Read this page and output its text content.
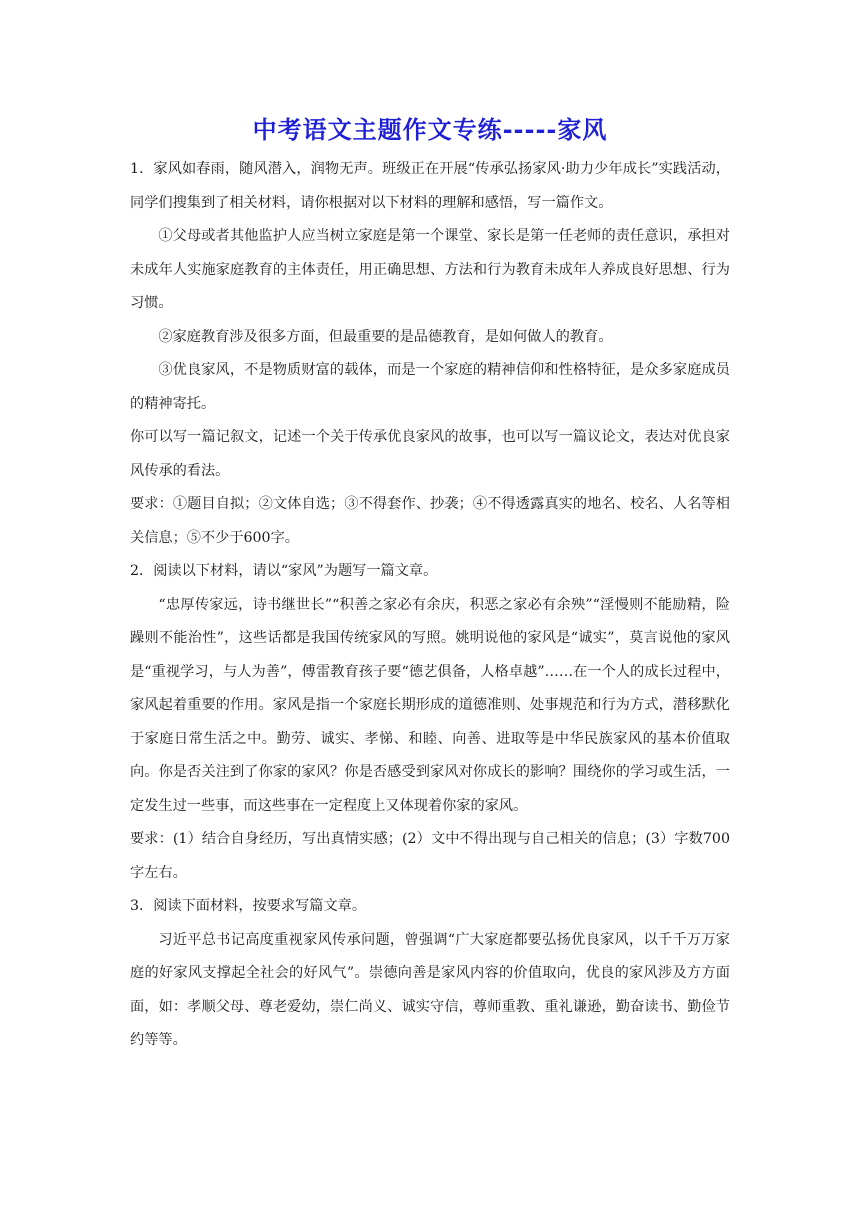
中考语文主题作文专练-----家风

1．家风如春雨，随风潜入，润物无声。班级正在开展“传承弘扬家风·助力少年成长”实践活动，同学们搜集到了相关材料，请你根据对以下材料的理解和感悟，写一篇作文。

①父母或者其他监护人应当树立家庭是第一个课堂、家长是第一任老师的责任意识，承担对未成年人实施家庭教育的主体责任，用正确思想、方法和行为教育未成年人养成良好思想、行为习惯。

②家庭教育涉及很多方面，但最重要的是品德教育，是如何做人的教育。

③优良家风，不是物质财富的载体，而是一个家庭的精神信仰和性格特征，是众多家庭成员的精神寄托。

你可以写一篇记叙文，记述一个关于传承优良家风的故事，也可以写一篇议论文，表达对优良家风传承的看法。

要求：①题目自拟；②文体自选；③不得套作、抄袭；④不得透露真实的地名、校名、人名等相关信息；⑤不少于600字。

2．阅读以下材料，请以“家风”为题写一篇文章。

“忠厚传家远，诗书继世长”“积善之家必有余庆，积恶之家必有余殃”“淫慢则不能励精，险躁则不能治性”，这些话都是我国传统家风的写照。姚明说他的家风是“诚实”，莫言说他的家风是“重视学习，与人为善”，傅雷教育孩子要“德艺俱备，人格卓越”……在一个人的成长过程中，家风起着重要的作用。家风是指一个家庭长期形成的道德准则、处事规范和行为方式，潜移默化于家庭日常生活之中。勤劳、诚实、孝悌、和睦、向善、进取等是中华民族家风的基本价值取向。你是否关注到了你家的家风？你是否感受到家风对你成长的影响？围绕你的学习或生活，一定发生过一些事，而这些事在一定程度上又体现着你家的家风。

要求：(1）结合自身经历，写出真情实感；(2）文中不得出现与自己相关的信息；(3）字数700字左右。

3．阅读下面材料，按要求写篇文章。

习近平总书记高度重视家风传承问题，曾强调“广大家庭都要弘扬优良家风，以千千万万家庭的好家风支撑起全社会的好风气”。崇德向善是家风内容的价值取向，优良的家风涉及方方面面，如：孝顺父母、尊老爱幼，崇仁尚义、诚实守信，尊师重教、重礼谦逊，勤奋读书、勤俭节约等等。
